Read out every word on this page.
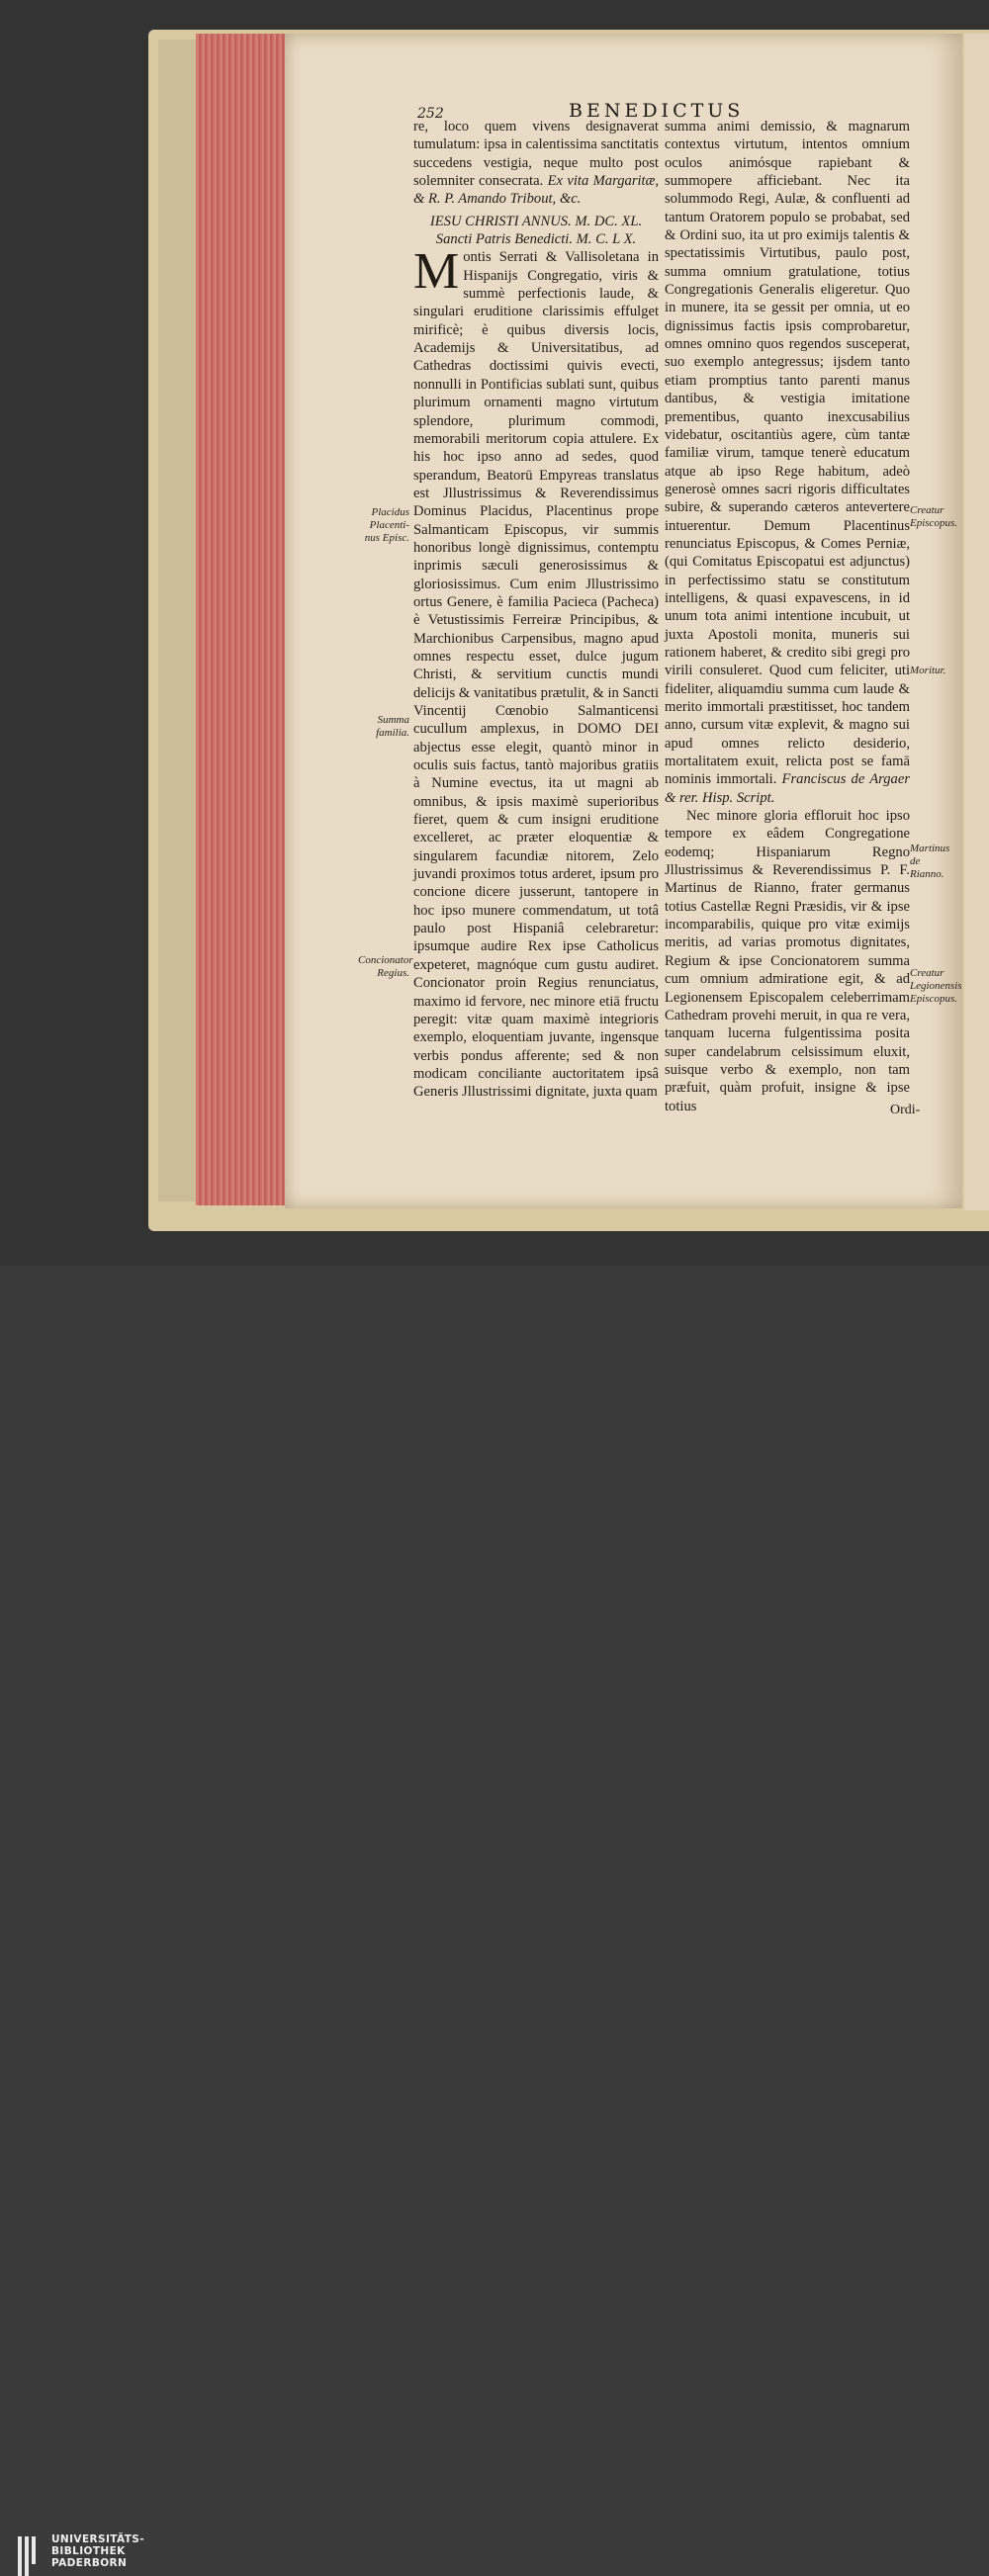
252	BENEDICTUS

re, loco quem vivens designaverat tumulatum: ipsa in calentissima sanctitatis succedens vestigia, neque multo post solemniter consecrata. Ex vita Margaritæ, & R. P. Amando Tribout, &c.

IESU CHRISTI ANNUS. M. DC. XL.
Sancti Patris Benedicti. M. C. L X.

M ontis Serrati & Vallisoletana in Hispanijs Congregatio, viris & summè perfectionis laude, & singulari eruditione clarissimis effulget mirificè; è quibus diversis locis, Academijs & Universitatibus, ad Cathedras doctissimi quivis evecti, nonnulli in Pontificias sublati sunt, quibus plurimum ornamenti magno virtutum splendore, plurimum commodi, memorabili meritorum copia attulere. Ex his hoc ipso anno ad sedes, quod sperandum, Beatorū Empyreas translatus est Jllustrissimus & Reverendissimus Dominus Placidus, Placentinus prope Salmanticam Episcopus, vir summis honoribus longè dignissimus, contemptu inprimis sæculi generosissimus & gloriosissimus. Cum enim Jllustrissimo ortus Genere, è familia Pacieca (Pacheca) è Vetustissimis Ferreiræ Principibus, & Marchionibus Carpensibus, magno apud omnes respectu esset, dulce jugum Christi, & servitium cunctis mundi delicijs & vanitatibus prætulit, & in Sancti Vincentij Cœnobio Salmanticensi cucullum amplexus, in DOMO DEI abjectus esse elegit, quantò minor in oculis suis factus, tantò majoribus gratiis à Numine evectus, ita ut magni ab omnibus, & ipsis maximè superioribus fieret, quem & cum insigni eruditione excelleret, ac præter eloquentiæ & singularem facundiæ nitorem, Zelo juvandi proximos totus arderet, ipsum pro concione dicere jusserunt, tantopere in hoc ipso munere commendatum, ut totâ paulo post Hispaniâ celebraretur: ipsumque audire Rex ipse Catholicus expeteret, magnóque cum gustu audiret. Concionator proin Regius renunciatus, maximo id fervore, nec minore etiā fructu peregit: vitæ quam maximè integrioris exemplo, eloquentiam juvante, ingensque verbis pondus afferente; sed & non modicam conciliante auctoritatem ipsâ Generis Jllustrissimi dignitate, juxta quam

summa animi demissio, & magnarum contextus virtutum, intentos omnium oculos animósque rapiebant & summopere afficiebant. Nec ita solummodo Regi, Aulæ, & confluenti ad tantum Oratorem populo se probabat, sed & Ordini suo, ita ut pro eximijs talentis & spectatissimis Virtutibus, paulo post, summa omnium gratulatione, totius Congregationis Generalis eligeretur. Quo in munere, ita se gessit per omnia, ut eo dignissimus factis ipsis comprobaretur, omnes omnino quos regendos susceperat, suo exemplo antegressus; ijsdem tanto etiam promptius tanto parenti manus dantibus, & vestigia imitatione prementibus, quanto inexcusabilius videbatur, oscitantiùs agere, cùm tantæ familiæ virum, tamque tenerè educatum atque ab ipso Rege habitum, adeò generosè omnes sacri rigoris difficultates subire, & superando cæteros antevertere intuerentur. Demum Placentinus renunciatus Episcopus, & Comes Perniæ, (qui Comitatus Episcopatui est adjunctus) in perfectissimo statu se constitutum intelligens, & quasi expavescens, in id unum tota animi intentione incubuit, ut juxta Apostoli monita, muneris sui rationem haberet, & credito sibi gregi pro virili consuleret. Quod cum feliciter, uti fideliter, aliquamdiu summa cum laude & merito immortali præstitisset, hoc tandem anno, cursum vitæ explevit, & magno sui apud omnes relicto desiderio, mortalitatem exuit, relicta post se famā nominis immortali. Franciscus de Argaer & rer. Hisp. Script.

Nec minore gloria effloruit hoc ipso tempore ex eâdem Congregatione eodemq; Hispaniarum Regno Jllustrissimus & Reverendissimus P. F. Martinus de Rianno, frater germanus totius Castellæ Regni Præsidis, vir & ipse incomparabilis, quique pro vitæ eximijs meritis, ad varias promotus dignitates, Regium & ipse Concionatorem summa cum omnium admiratione egit, & ad Legionensem Episcopalem celeberrimam Cathedram provehi meruit, in qua re vera, tanquam lucerna fulgentissima posita super candelabrum celsissimum eluxit, suisque verbo & exemplo, non tam præfuit, quàm profuit, insigne & ipse totius	Ordi-
Placidus Placenti-nus Episc.
Summa familia.
Concionator Regius.
Creatur Episcopus.
Moritur.
Martinus de Rianno.
Creatur Legionensis Episcopus.
UNIVERSITÄTS-
BIBLIOTHEK
PADERBORN
